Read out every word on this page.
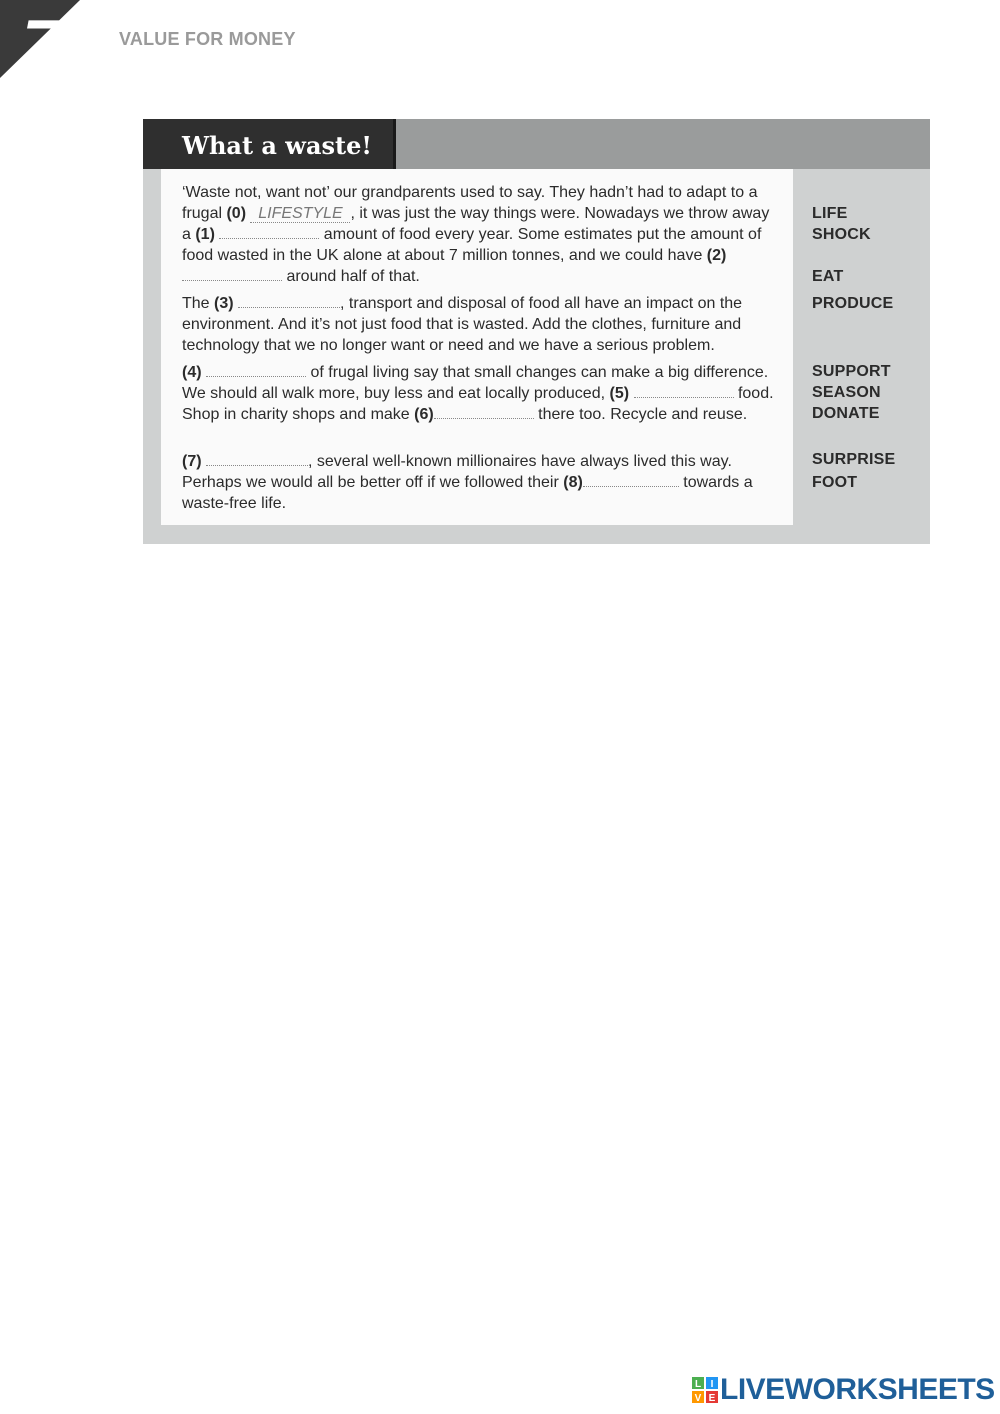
7	VALUE FOR MONEY
What a waste!
‘Waste not, want not’ our grandparents used to say. They hadn’t had to adapt to a frugal (0) LIFESTYLE , it was just the way things were. Nowadays we throw away a (1)	amount of food every year. Some estimates put the amount of food wasted in the UK alone at about 7 million tonnes, and we could have (2)  around half of that.
The (3)	, transport and disposal of food all have an impact on the environment. And it’s not just food that is wasted. Add the clothes, furniture and technology that we no longer want or need and we have a serious problem.
(4)	of frugal living say that small changes can make a big difference. We should all walk more, buy less and eat locally produced, (5)	food. Shop in charity shops and make (6)	there too. Recycle and reuse.
(7)	, several well-known millionaires have always lived this way. Perhaps we would all be better off if we followed their (8)	towards a waste-free life.
LIFE
SHOCK
EAT
PRODUCE
SUPPORT
SEASON
DONATE
SURPRISE
FOOT
L I
V E LIVEWORKSHEETS
